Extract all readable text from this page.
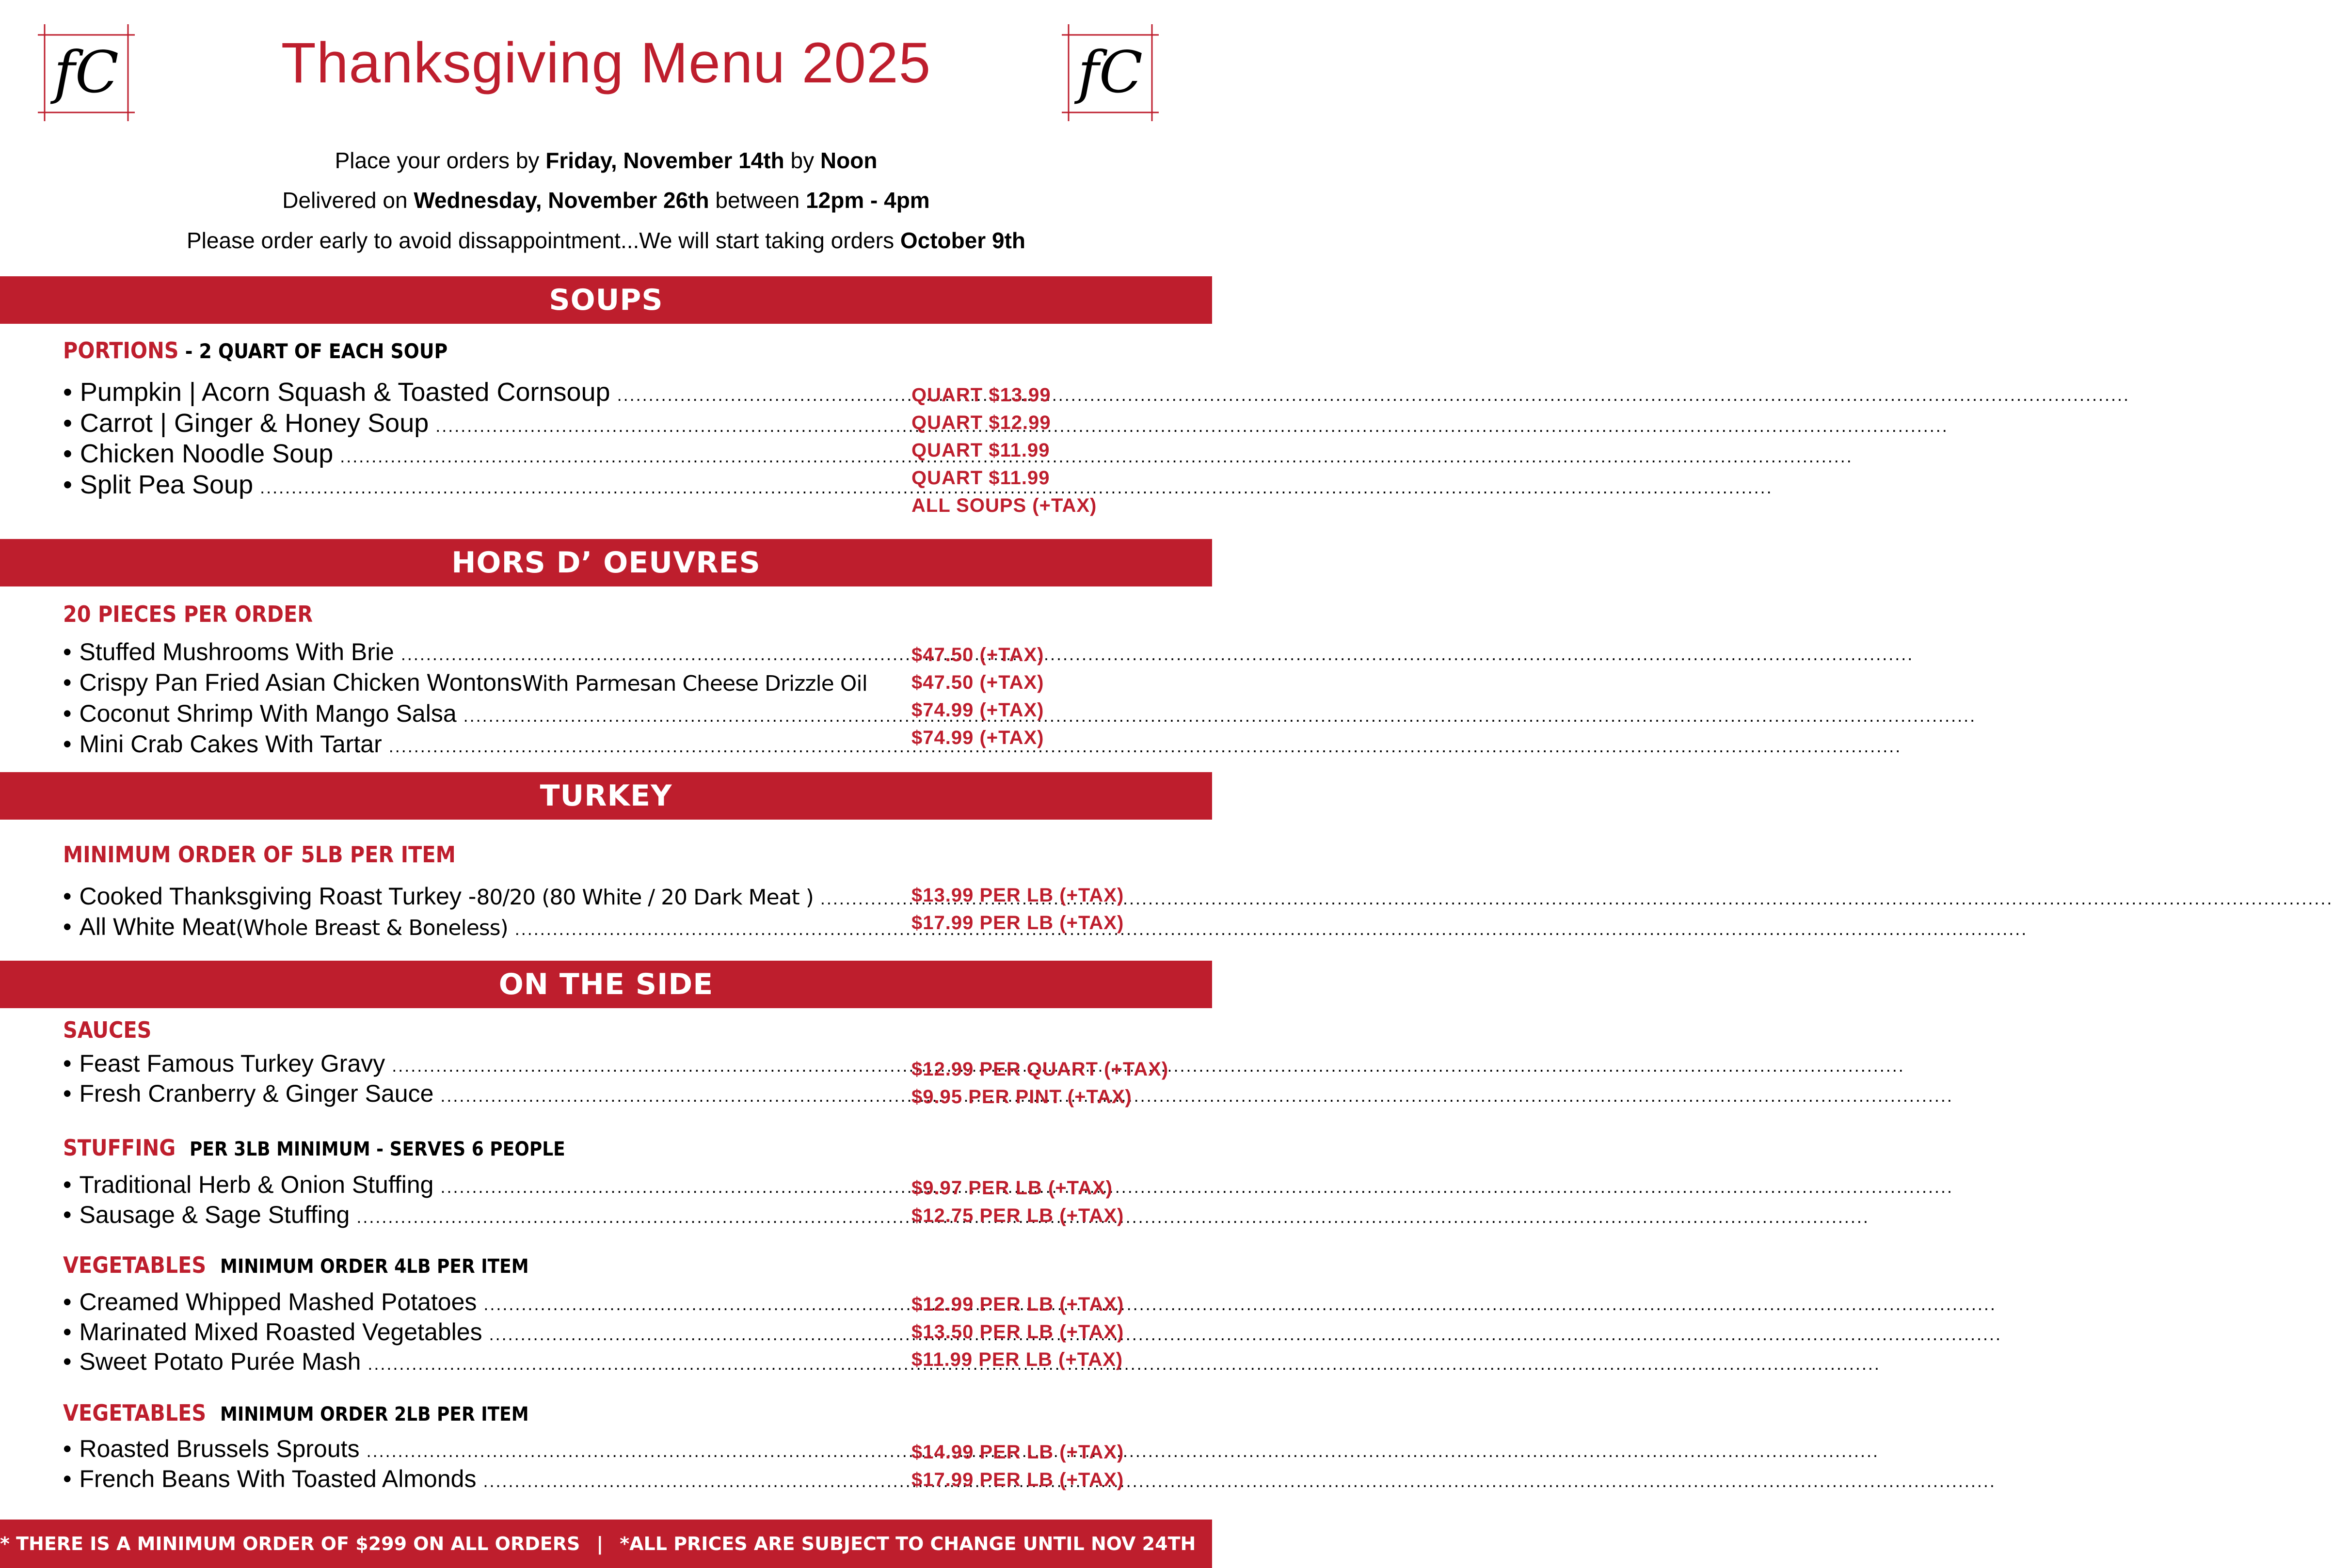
fC	fC
Thanksgiving Menu 2025
Place your orders by Friday, November 14th by Noon
Delivered on Wednesday, November 26th between 12pm - 4pm
Please order early to avoid dissappointment...We will start taking orders October 9th
SOUPS
PORTIONS - 2 QUART OF EACH SOUP
• Pumpkin | Acorn Squash & Toasted Cornsoup
.....
• Carrot | Ginger & Honey Soup
.....
• Chicken Noodle Soup
.....
• Split Pea Soup
.....
QUART $13.99
QUART $12.99
QUART $11.99
QUART $11.99
ALL SOUPS (+TAX)
HORS D’ OEUVRES
20 PIECES PER ORDER
• Stuffed Mushrooms With Brie
.....
• Crispy Pan Fried Asian Chicken Wontons With Parmesan Cheese Drizzle Oil
• Coconut Shrimp With Mango Salsa
.....
• Mini Crab Cakes With Tartar
.....
$47.50 (+TAX)
$47.50 (+TAX)
$74.99 (+TAX)
$74.99 (+TAX)
TURKEY
MINIMUM ORDER OF 5LB PER ITEM
• Cooked Thanksgiving Roast Turkey - 80/20 (80 White / 20 Dark Meat )
.....
• All White Meat (Whole Breast & Boneless)
.....
$13.99 PER LB (+TAX)
$17.99 PER LB (+TAX)
ON THE SIDE
SAUCES
• Feast Famous Turkey Gravy
.....
• Fresh Cranberry & Ginger Sauce
.....
$12.99 PER QUART (+TAX)
$9.95 PER PINT (+TAX)
STUFFING PER 3LB MINIMUM - SERVES 6 PEOPLE
• Traditional Herb & Onion Stuffing
.....
• Sausage & Sage Stuffing
.....
$9.97 PER LB (+TAX)
$12.75 PER LB (+TAX)
VEGETABLES MINIMUM ORDER 4LB PER ITEM
• Creamed Whipped Mashed Potatoes
.....
• Marinated Mixed Roasted Vegetables
.....
• Sweet Potato Purée Mash
.....
$12.99 PER LB (+TAX)
$13.50 PER LB (+TAX)
$11.99 PER LB (+TAX)
VEGETABLES MINIMUM ORDER 2LB PER ITEM
• Roasted Brussels Sprouts
.....
• French Beans With Toasted Almonds
.....
$14.99 PER LB (+TAX)
$17.99 PER LB (+TAX)
* THERE IS A MINIMUM ORDER OF $299 ON ALL ORDERS | *ALL PRICES ARE SUBJECT TO CHANGE UNTIL NOV 24TH | CARD FEES: 4.5%
